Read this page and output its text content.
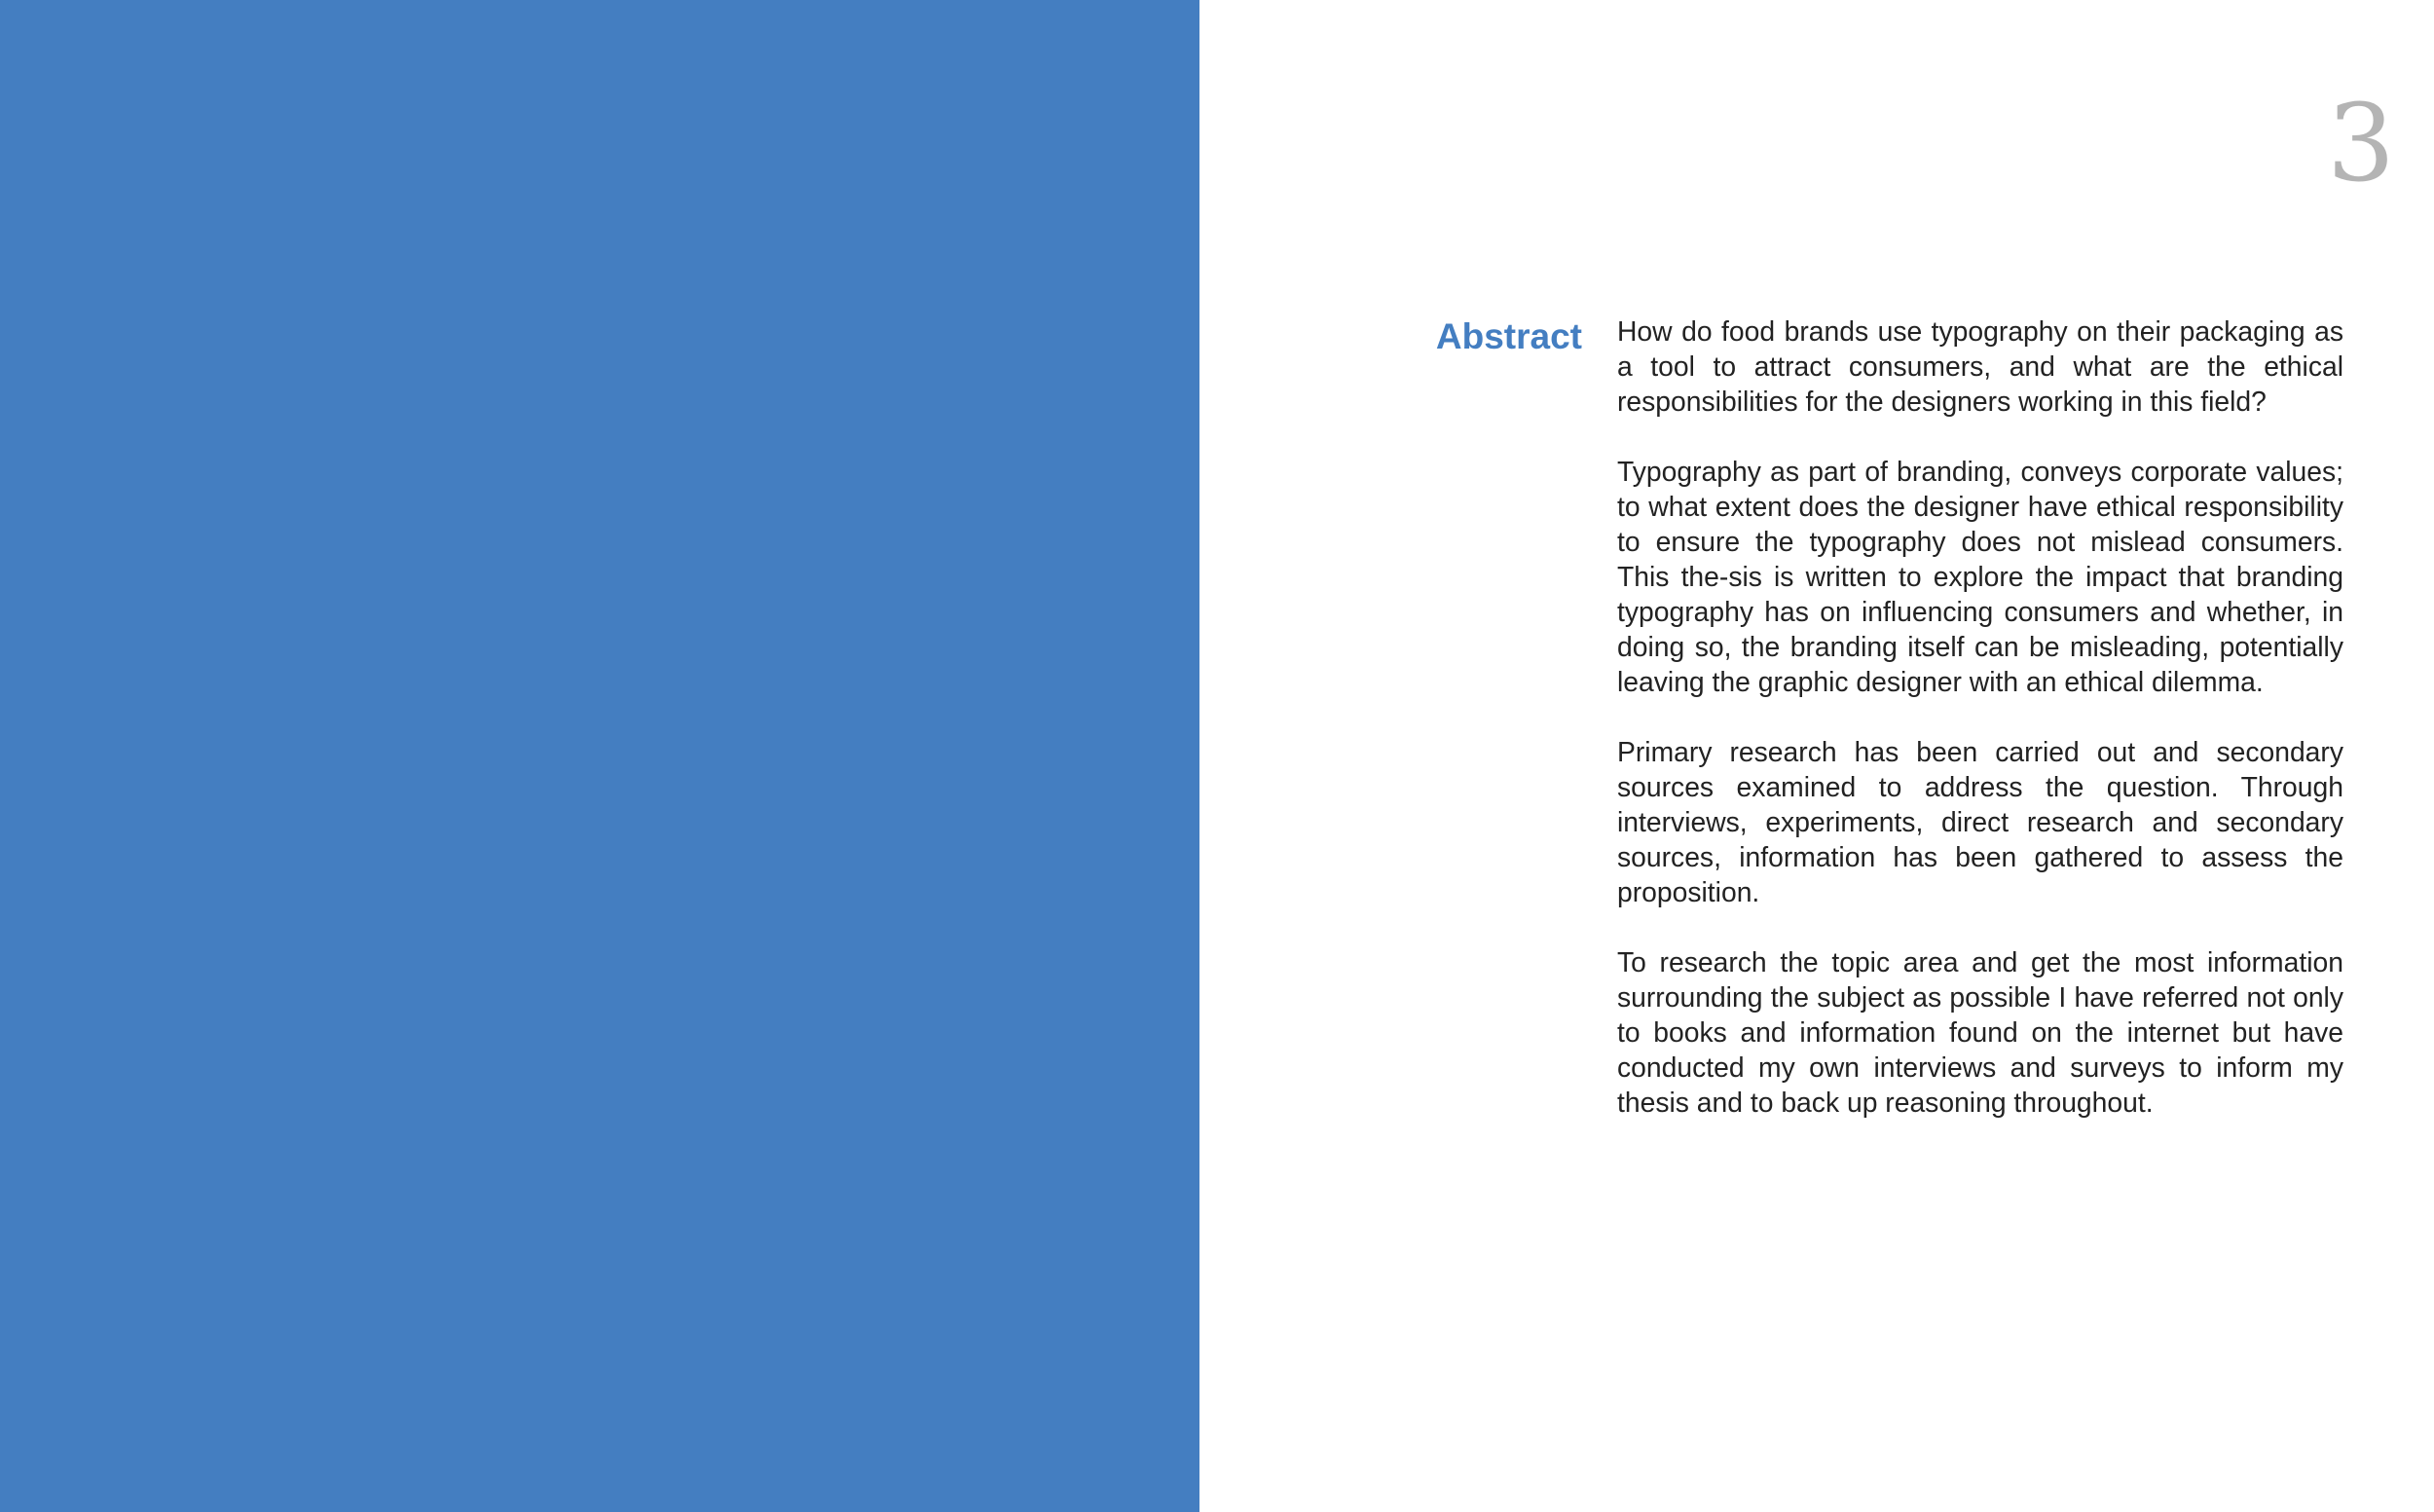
3
Abstract How do food brands use typography on their packaging as a tool to attract consumers, and what are the ethical responsibilities for the designers working in this field?

Typography as part of branding, conveys corporate values; to what extent does the designer have ethical responsibility to ensure the typography does not mislead consumers. This the-sis is written to explore the impact that branding typography has on influencing consumers and whether, in doing so, the branding itself can be misleading, potentially leaving the graphic designer with an ethical dilemma.

Primary research has been carried out and secondary sources examined to address the question. Through interviews, experiments, direct research and secondary sources, information has been gathered to assess the proposition.

To research the topic area and get the most information surrounding the subject as possible I have referred not only to books and information found on the internet but have conducted my own interviews and surveys to inform my thesis and to back up reasoning throughout.
